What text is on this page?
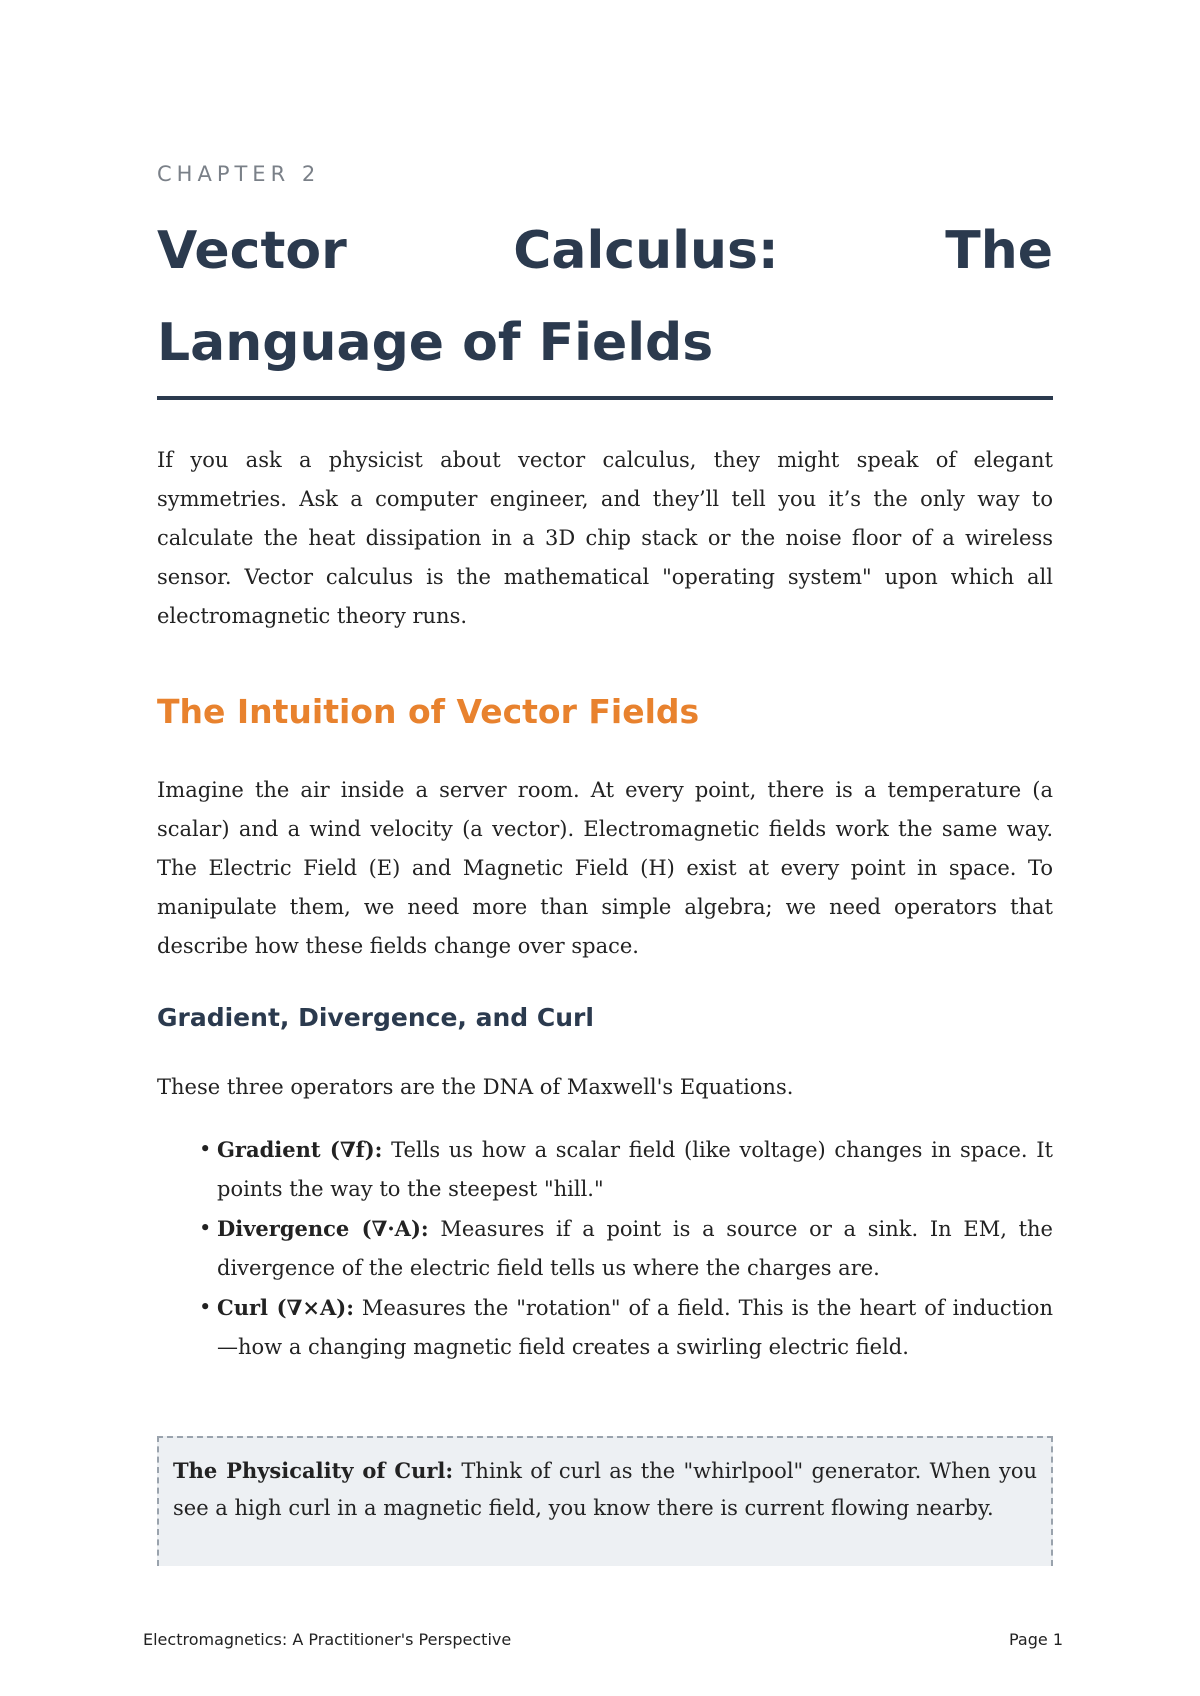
CHAPTER 2
Vector Calculus: The Language of Fields

If you ask a physicist about vector calculus, they might speak of elegant symmetries. Ask a computer engineer, and they’ll tell you it’s the only way to calculate the heat dissipation in a 3D chip stack or the noise floor of a wireless sensor. Vector calculus is the mathematical "operating system" upon which all electromagnetic theory runs.

The Intuition of Vector Fields

Imagine the air inside a server room. At every point, there is a temperature (a scalar) and a wind velocity (a vector). Electromagnetic fields work the same way. The Electric Field (E) and Magnetic Field (H) exist at every point in space. To manipulate them, we need more than simple algebra; we need operators that describe how these fields change over space.

Gradient, Divergence, and Curl

These three operators are the DNA of Maxwell's Equations.

• Gradient (∇f): Tells us how a scalar field (like voltage) changes in space. It points the way to the steepest "hill."
• Divergence (∇·A): Measures if a point is a source or a sink. In EM, the divergence of the electric field tells us where the charges are.
• Curl (∇×A): Measures the "rotation" of a field. This is the heart of induction—how a changing magnetic field creates a swirling electric field.

The Physicality of Curl: Think of curl as the "whirlpool" generator. When you see a high curl in a magnetic field, you know there is current flowing nearby.

Electromagnetics: A Practitioner's Perspective	Page 1
